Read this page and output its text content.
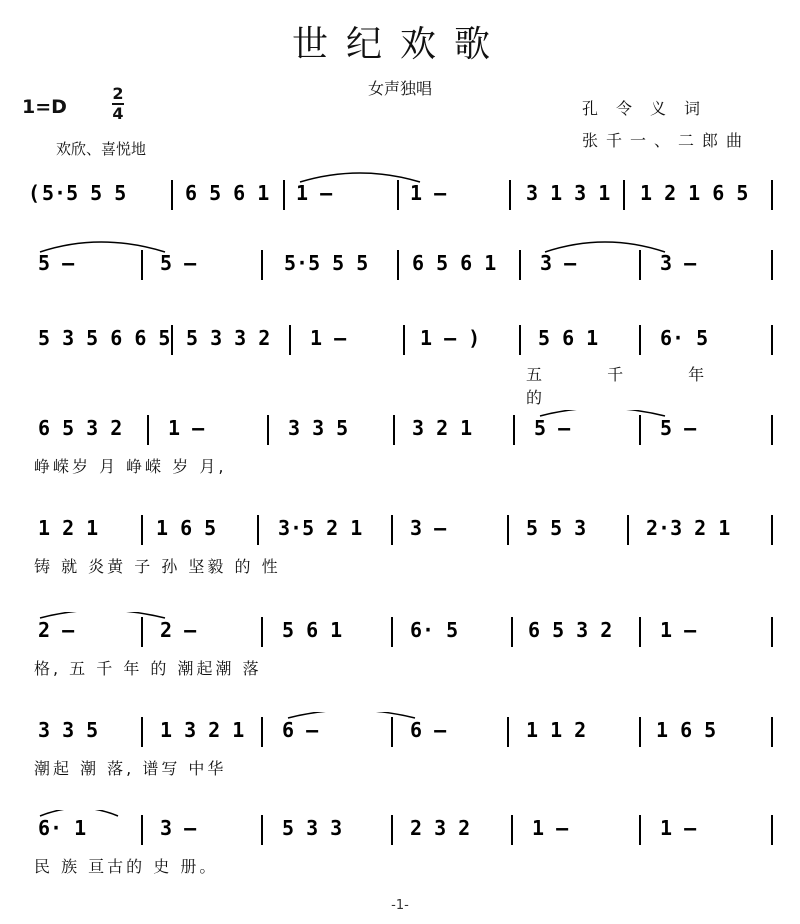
世纪欢歌
女声独唱
1=D
2
4
欢欣、喜悦地
孔令义词
张千一、二郎曲
( 5·5 5 5	6 5 6 1 1 –	1 –	3 1 3 1 1 2 1 6 5
5 –	5 –	5·5 5 5 6 5 6 1 3 –	3 –
5 3 5 6 6 5 5 3 3 2 1 –	1 – )	5 6 1	6· 5
五 千 年 的
6 5 3 2 1 –	3 3 5	3 2 1	5 –	5 –
峥嵘岁 月 峥嵘 岁 月,
1 2 1	1 6 5	3·5 2 1 3 –	5 5 3	2·3 2 1
铸 就 炎黄 子 孙 坚毅 的 性
2 –	2 –	5 6 1	6· 5	6 5 3 2 1 –
格, 五 千 年 的 潮起潮 落
3 3 5	1 3 2 1 6 –	6 –	1 1 2	1 6 5
潮起 潮 落, 谱写 中华
6· 1	3 –	5 3 3	2 3 2	1 –	1 –
民 族 亘古的 史 册。
-1-
